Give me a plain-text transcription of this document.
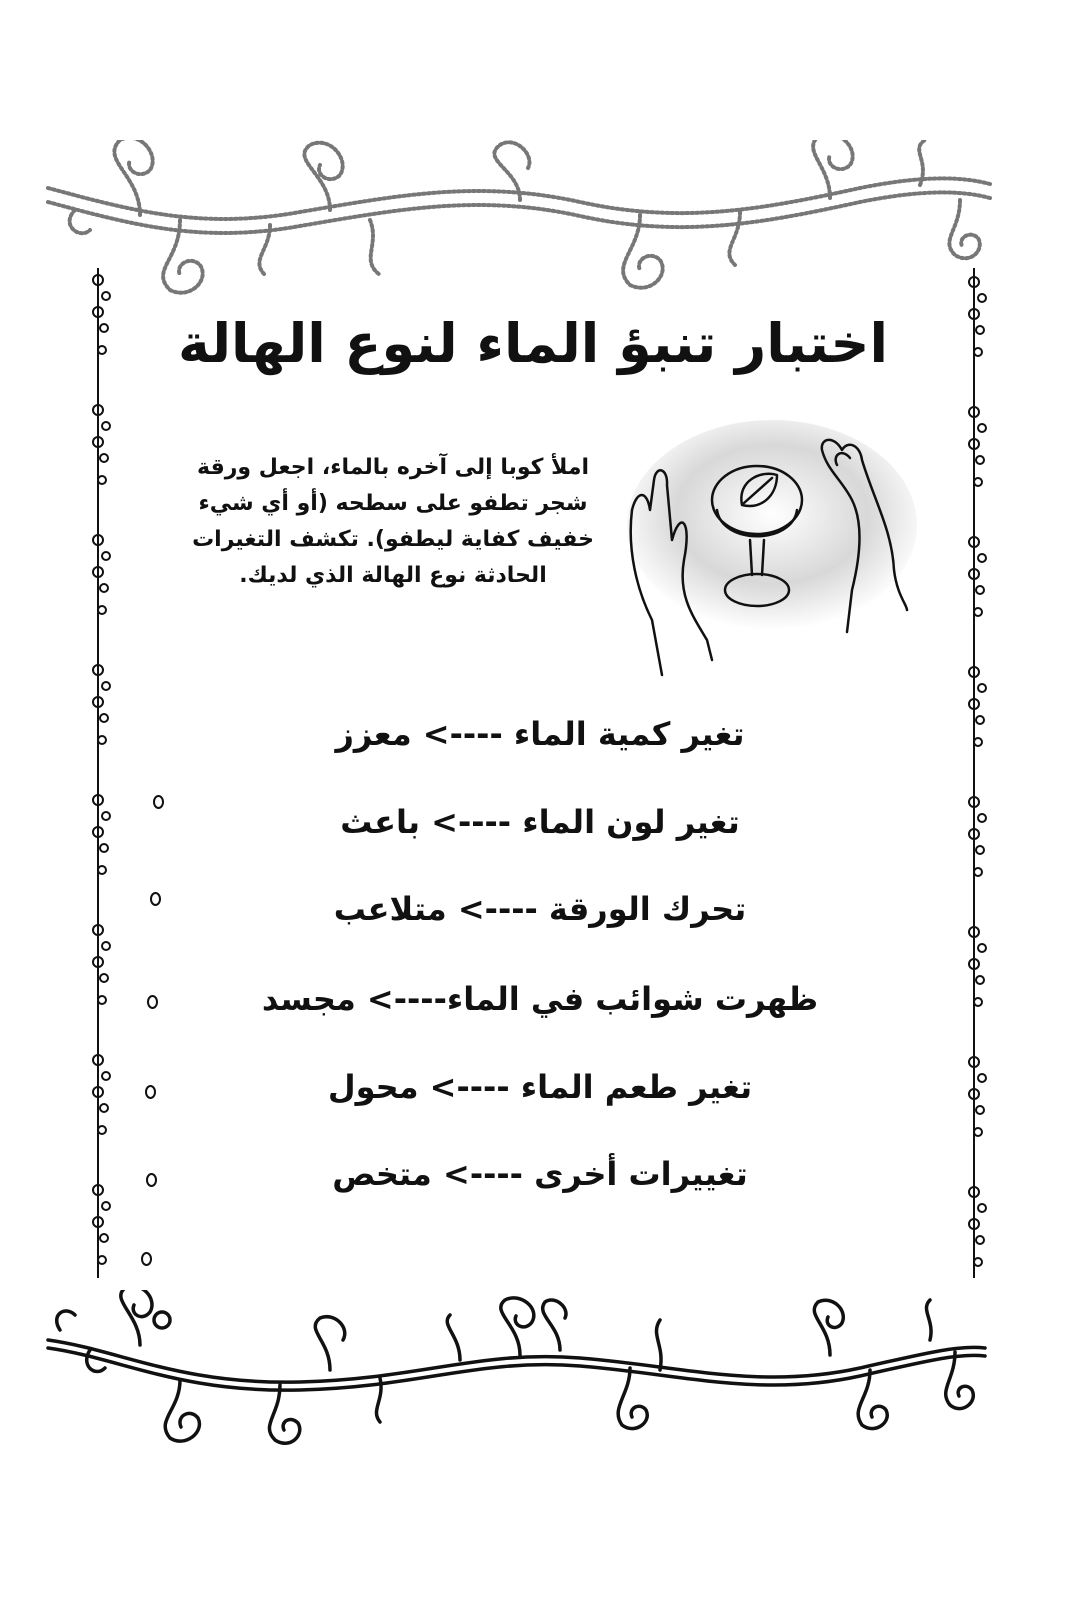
اختبار تنبؤ الماء لنوع الهالة
املأ كوبا إلى آخره بالماء، اجعل ورقة شجر تطفو على سطحه (أو أي شيء خفيف كفاية ليطفو). تكشف التغيرات الحادثة نوع الهالة الذي لديك.
تغير كمية الماء ----> معزز
تغير لون الماء ----> باعث
تحرك الورقة ----> متلاعب
ظهرت شوائب في الماء----> مجسد
تغير طعم الماء ----> محول
تغييرات أخرى ----> متخص
